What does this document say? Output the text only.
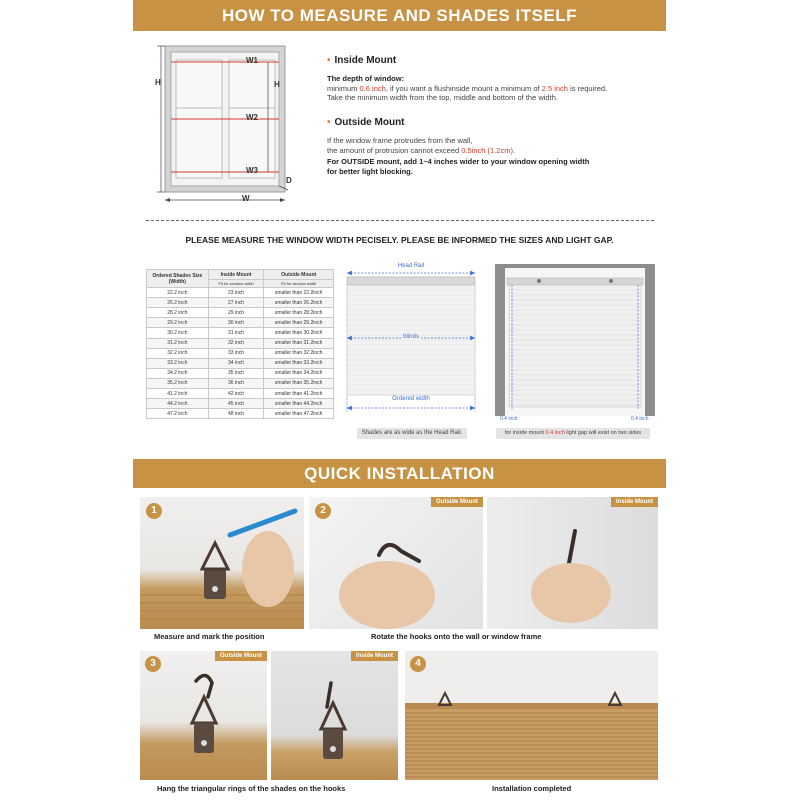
HOW TO MEASURE AND SHADES ITSELF
W1
W2
W3
W
H	H
D
• Inside Mount
The depth of window:
minimum 0.6 inch, if you want a flushinside mount a minimum of 2.5 inch is required.
Take the minimum width from the top, middle and bottom of the width.
• Outside Mount
If the window frame protrudes from the wall,
the amount of protrusion cannot exceed 0.5inch (1.2cm).
For OUTSIDE mount, add 1~4 inches wider to your window opening width
for better light blocking.
PLEASE MEASURE THE WINDOW WIDTH PECISELY. PLEASE BE INFORMED THE SIZES AND LIGHT GAP.
Ordered Shades Size (Width)	Inside Mount	Outside Mount
	Fit for window width	Fit for window width
22.2 inch	23 inch	smaller than 22.2inch
26.2 inch	27 inch	smaller than 26.2inch
28.2 inch	29 inch	smaller than 28.2inch
29.2 inch	30 inch	smaller than 29.2inch
30.2 inch	31 inch	smaller than 30.2inch
31.2 inch	32 inch	smaller than 31.2inch
32.2 inch	33 inch	smaller than 32.2inch
33.2 inch	34 inch	smaller than 33.2inch
34.2 inch	35 inch	smaller than 34.2inch
35.2 inch	36 inch	smaller than 35.2inch
41.2 inch	42 inch	smaller than 41.2inch
44.2 inch	45 inch	smaller than 44.2inch
47.2 inch	48 inch	smaller than 47.2inch
Head Rail
blinds
Ordered width
Shades are as wide as the Head Rail.
0.4 inch	0.4 inch
for inside mount 0.4 inch light gap will exist on two sides
QUICK INSTALLATION
1
Measure and mark the position
2
Outside Mount	Inside Mount
Rotate the hooks onto the wall or window frame
3
Outside Mount	Inside Mount
Hang the triangular rings of the shades on the hooks
4
Installation completed
